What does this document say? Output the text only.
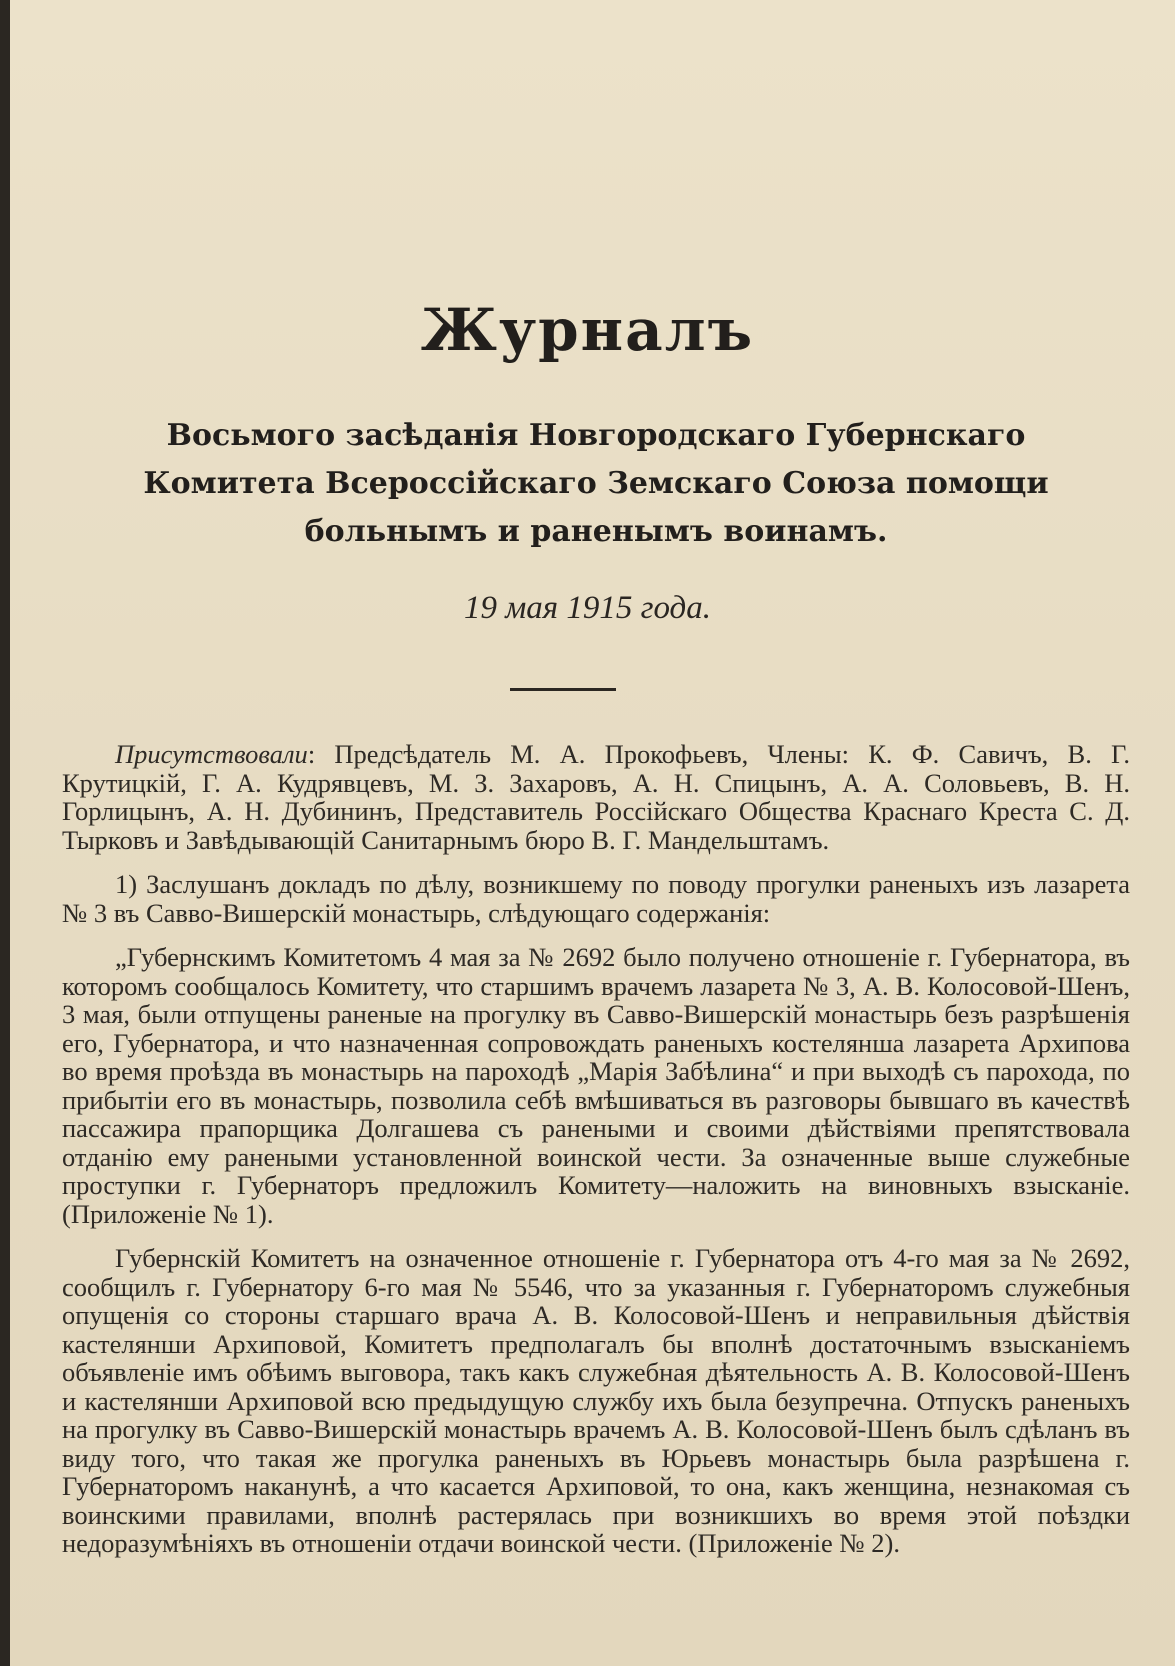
Журналъ
Восьмого засѣданія Новгородскаго Губернскаго Комитета Всероссійскаго Земскаго Союза помощи больнымъ и раненымъ воинамъ.
19 мая 1915 года.

Присутствовали: Предсѣдатель М. А. Прокофьевъ, Члены: К. Ф. Савичъ, В. Г. Крутицкій, Г. А. Кудрявцевъ, М. З. Захаровъ, А. Н. Спицынъ, А. А. Соловьевъ, В. Н. Горлицынъ, А. Н. Дубининъ, Представитель Россійскаго Общества Краснаго Креста С. Д. Тырковъ и Завѣдывающій Санитарнымъ бюро В. Г. Мандельштамъ.

1) Заслушанъ докладъ по дѣлу, возникшему по поводу прогулки раненыхъ изъ лазарета № 3 въ Савво-Вишерскій монастырь, слѣдующаго содержанія:

„Губернскимъ Комитетомъ 4 мая за № 2692 было получено отношеніе г. Губернатора, въ которомъ сообщалось Комитету, что старшимъ врачемъ лазарета № 3, А. В. Колосовой-Шенъ, 3 мая, были отпущены раненые на прогулку въ Савво-Вишерскій монастырь безъ разрѣшенія его, Губернатора, и что назначенная сопровождать раненыхъ костелянша лазарета Архипова во время проѣзда въ монастырь на пароходѣ „Марія Забѣлина“ и при выходѣ съ парохода, по прибытіи его въ монастырь, позволила себѣ вмѣшиваться въ разговоры бывшаго въ качествѣ пассажира прапорщика Долгашева съ ранеными и своими дѣйствіями препятствовала отданію ему ранеными установленной воинской чести. За означенные выше служебные проступки г. Губернаторъ предложилъ Комитету—наложить на виновныхъ взысканіе. (Приложеніе № 1).

Губернскій Комитетъ на означенное отношеніе г. Губернатора отъ 4-го мая за № 2692, сообщилъ г. Губернатору 6-го мая № 5546, что за указанныя г. Губернаторомъ служебныя опущенія со стороны старшаго врача А. В. Колосовой-Шенъ и неправильныя дѣйствія кастелянши Архиповой, Комитетъ предполагалъ бы вполнѣ достаточнымъ взысканіемъ объявленіе имъ обѣимъ выговора, такъ какъ служебная дѣятельность А. В. Колосовой-Шенъ и кастелянши Архиповой всю предыдущую службу ихъ была безупречна. Отпускъ раненыхъ на прогулку въ Савво-Вишерскій монастырь врачемъ А. В. Колосовой-Шенъ былъ сдѣланъ въ виду того, что такая же прогулка раненыхъ въ Юрьевъ монастырь была разрѣшена г. Губернаторомъ наканунѣ, а что касается Архиповой, то она, какъ женщина, незнакомая съ воинскими правилами, вполнѣ растерялась при возникшихъ во время этой поѣздки недоразумѣніяхъ въ отношеніи отдачи воинской чести. (Приложеніе № 2).
